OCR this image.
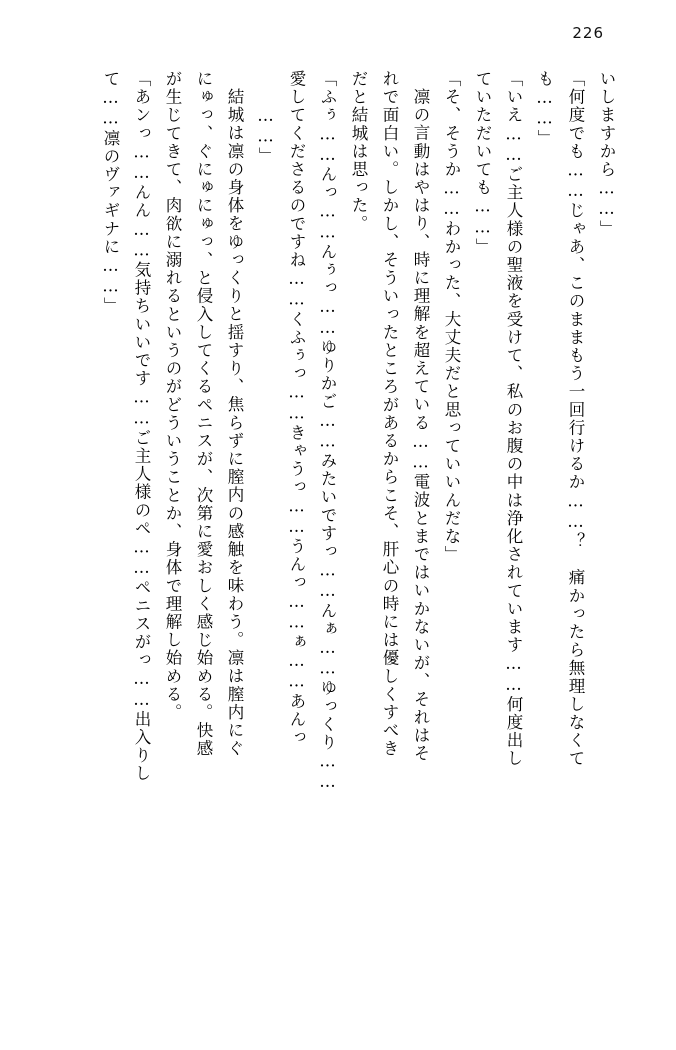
226
いしますから……」
「何度でも……じゃあ、このままもう一回行けるか……？　痛かったら無理しなくて
も……」
「いえ……ご主人様の聖液を受けて、私のお腹の中は浄化されています……何度出し
ていただいても……」
「そ、そうか……わかった、大丈夫だと思っていいんだな」
凛の言動はやはり、時に理解を超えている……電波とまではいかないが、それはそ
れで面白い。しかし、そういったところがあるからこそ、肝心の時には優しくすべき
だと結城は思った。
「ふぅ……んっ……んぅっ……ゆりかご……みたいですっ……んぁ……ゆっくり……
愛してくださるのですね……くふぅっ……きゃうっ……うんっ……ぁ……あんっ
……」
結城は凛の身体をゆっくりと揺すり、焦らずに膣内の感触を味わう。凛は膣内にぐ
にゅっ、ぐにゅにゅっ、と侵入してくるペニスが、次第に愛おしく感じ始める。快感
が生じてきて、肉欲に溺れるというのがどういうことか、身体で理解し始める。
「あンっ……んん……気持ちいいです……ご主人様のペ……ペニスがっ……出入りし
て……凛のヴァギナに……」
